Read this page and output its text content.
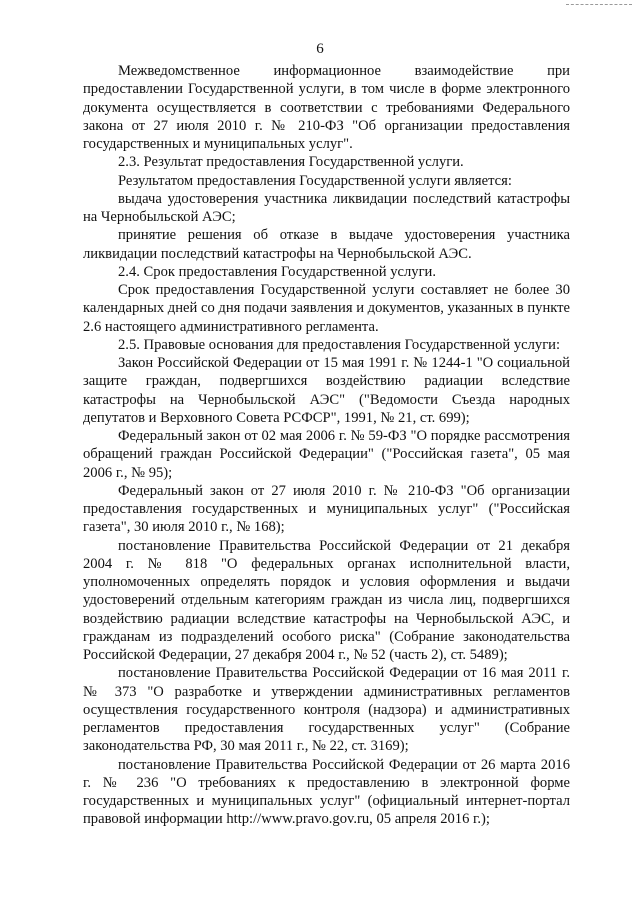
6

Межведомственное информационное взаимодействие при предоставлении Государственной услуги, в том числе в форме электронного документа осуществляется в соответствии с требованиями Федерального закона от 27 июля 2010 г. № 210-ФЗ "Об организации предоставления государственных и муниципальных услуг".

2.3. Результат предоставления Государственной услуги.

Результатом предоставления Государственной услуги является:

выдача удостоверения участника ликвидации последствий катастрофы на Чернобыльской АЭС;

принятие решения об отказе в выдаче удостоверения участника ликвидации последствий катастрофы на Чернобыльской АЭС.

2.4. Срок предоставления Государственной услуги.

Срок предоставления Государственной услуги составляет не более 30 календарных дней со дня подачи заявления и документов, указанных в пункте 2.6 настоящего административного регламента.

2.5. Правовые основания для предоставления Государственной услуги:

Закон Российской Федерации от 15 мая 1991 г. № 1244-1 "О социальной защите граждан, подвергшихся воздействию радиации вследствие катастрофы на Чернобыльской АЭС" ("Ведомости Съезда народных депутатов и Верховного Совета РСФСР", 1991, № 21, ст. 699);

Федеральный закон от 02 мая 2006 г. № 59-ФЗ "О порядке рассмотрения обращений граждан Российской Федерации" ("Российская газета", 05 мая 2006 г., № 95);

Федеральный закон от 27 июля 2010 г. № 210-ФЗ "Об организации предоставления государственных и муниципальных услуг" ("Российская газета", 30 июля 2010 г., № 168);

постановление Правительства Российской Федерации от 21 декабря 2004 г. № 818 "О федеральных органах исполнительной власти, уполномоченных определять порядок и условия оформления и выдачи удостоверений отдельным категориям граждан из числа лиц, подвергшихся воздействию радиации вследствие катастрофы на Чернобыльской АЭС, и гражданам из подразделений особого риска" (Собрание законодательства Российской Федерации, 27 декабря 2004 г., № 52 (часть 2), ст. 5489);

постановление Правительства Российской Федерации от 16 мая 2011 г. № 373 "О разработке и утверждении административных регламентов осуществления государственного контроля (надзора) и административных регламентов предоставления государственных услуг" (Собрание законодательства РФ, 30 мая 2011 г., № 22, ст. 3169);

постановление Правительства Российской Федерации от 26 марта 2016 г. № 236 "О требованиях к предоставлению в электронной форме государственных и муниципальных услуг" (официальный интернет-портал правовой информации http://www.pravo.gov.ru, 05 апреля 2016 г.);
